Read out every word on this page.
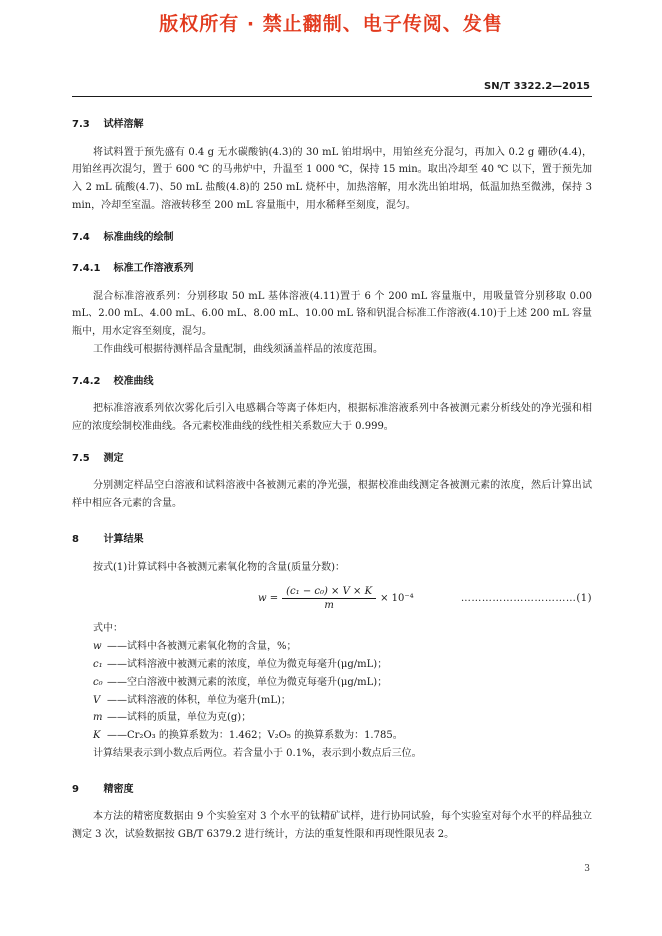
版权所有 · 禁止翻制、电子传阅、发售
SN/T 3322.2—2015
7.3 试样溶解

将试料置于预先盛有 0.4 g 无水碳酸钠(4.3)的 30 mL 铂坩埚中，用铂丝充分混匀，再加入 0.2 g 硼砂(4.4)，用铂丝再次混匀，置于 600 ℃ 的马弗炉中，升温至 1 000 ℃，保持 15 min。取出冷却至 40 ℃ 以下，置于预先加入 2 mL 硫酸(4.7)、50 mL 盐酸(4.8)的 250 mL 烧杯中，加热溶解，用水洗出铂坩埚，低温加热至微沸，保持 3 min，冷却至室温。溶液转移至 200 mL 容量瓶中，用水稀释至刻度，混匀。

7.4 标准曲线的绘制
7.4.1 标准工作溶液系列

混合标准溶液系列：分别移取 50 mL 基体溶液(4.11)置于 6 个 200 mL 容量瓶中，用吸量管分别移取 0.00 mL、2.00 mL、4.00 mL、6.00 mL、8.00 mL、10.00 mL 铬和钒混合标准工作溶液(4.10)于上述 200 mL 容量瓶中，用水定容至刻度，混匀。

工作曲线可根据待测样品含量配制，曲线须涵盖样品的浓度范围。

7.4.2 校准曲线

把标准溶液系列依次雾化后引入电感耦合等离子体炬内，根据标准溶液系列中各被测元素分析线处的净光强和相应的浓度绘制校准曲线。各元素校准曲线的线性相关系数应大于 0.999。

7.5 测定

分别测定样品空白溶液和试料溶液中各被测元素的净光强，根据校准曲线测定各被测元素的浓度，然后计算出试样中相应各元素的含量。

8 计算结果

按式(1)计算试料中各被测元素氧化物的含量(质量分数)：

$w = \frac{\text{(c₁ − c₀) × V × K}}{m} \times 10^{-4}$	……………………………(1)

式中：

w ——试料中各被测元素氧化物的含量，%；
c₁ ——试料溶液中被测元素的浓度，单位为微克每毫升(μg/mL)；
c₀ ——空白溶液中被测元素的浓度，单位为微克每毫升(μg/mL)；
V ——试料溶液的体积，单位为毫升(mL)；
m ——试料的质量，单位为克(g)；
K ——Cr₂O₃ 的换算系数为：1.462；V₂O₅ 的换算系数为：1.785。

计算结果表示到小数点后两位。若含量小于 0.1%，表示到小数点后三位。

9 精密度

本方法的精密度数据由 9 个实验室对 3 个水平的钛精矿试样，进行协同试验，每个实验室对每个水平的样品独立测定 3 次，试验数据按 GB/T 6379.2 进行统计，方法的重复性限和再现性限见表 2。

3
